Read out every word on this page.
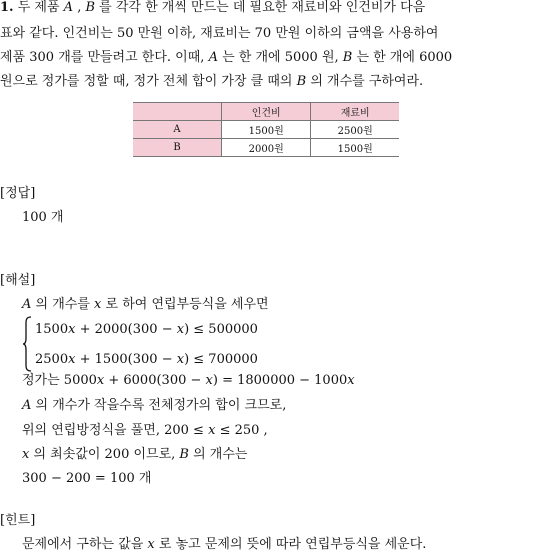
1. 두 제품 A , B 를 각각 한 개씩 만드는 데 필요한 재료비와 인건비가 다음
표와 같다. 인건비는 50 만원 이하, 재료비는 70 만원 이하의 금액을 사용하여
제품 300 개를 만들려고 한다. 이때, A 는 한 개에 5000 원, B 는 한 개에 6000
원으로 정가를 정할 때, 정가 전체 합이 가장 클 때의 B 의 개수를 구하여라.
	인건비	재료비
A	1500원	2500원
B	2000원	1500원
[정답]
100 개
[해설]
A 의 개수를 x 로 하여 연립부등식을 세우면
1500x + 2000(300 − x) ≤ 500000
2500x + 1500(300 − x) ≤ 700000
정가는 5000x + 6000(300 − x) = 1800000 − 1000x
A 의 개수가 작을수록 전체정가의 합이 크므로,
위의 연립방정식을 풀면, 200 ≤ x ≤ 250 ,
x 의 최솟값이 200 이므로, B 의 개수는
300 − 200 = 100 개
[힌트]
문제에서 구하는 값을 x 로 놓고 문제의 뜻에 따라 연립부등식을 세운다.
